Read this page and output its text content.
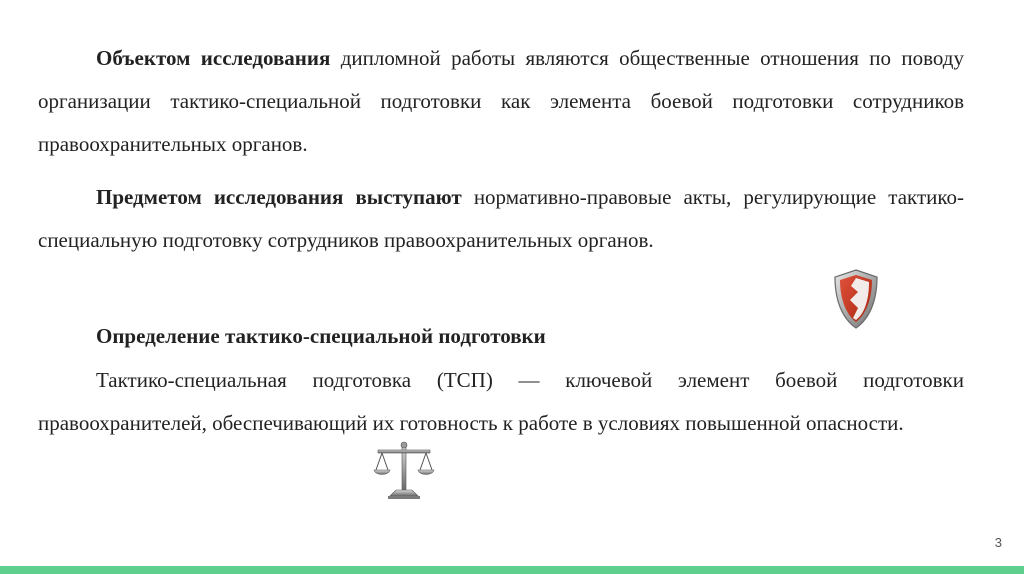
Объектом исследования дипломной работы являются общественные отношения по поводу организации тактико-специальной подготовки как элемента боевой подготовки сотрудников правоохранительных органов.
Предметом исследования выступают нормативно-правовые акты, регулирующие тактико-специальную подготовку сотрудников правоохранительных органов.
Определение тактико-специальной подготовки
Тактико-специальная подготовка (ТСП) — ключевой элемент боевой подготовки правоохранителей, обеспечивающий их готовность к работе в условиях повышенной опасности.
3
